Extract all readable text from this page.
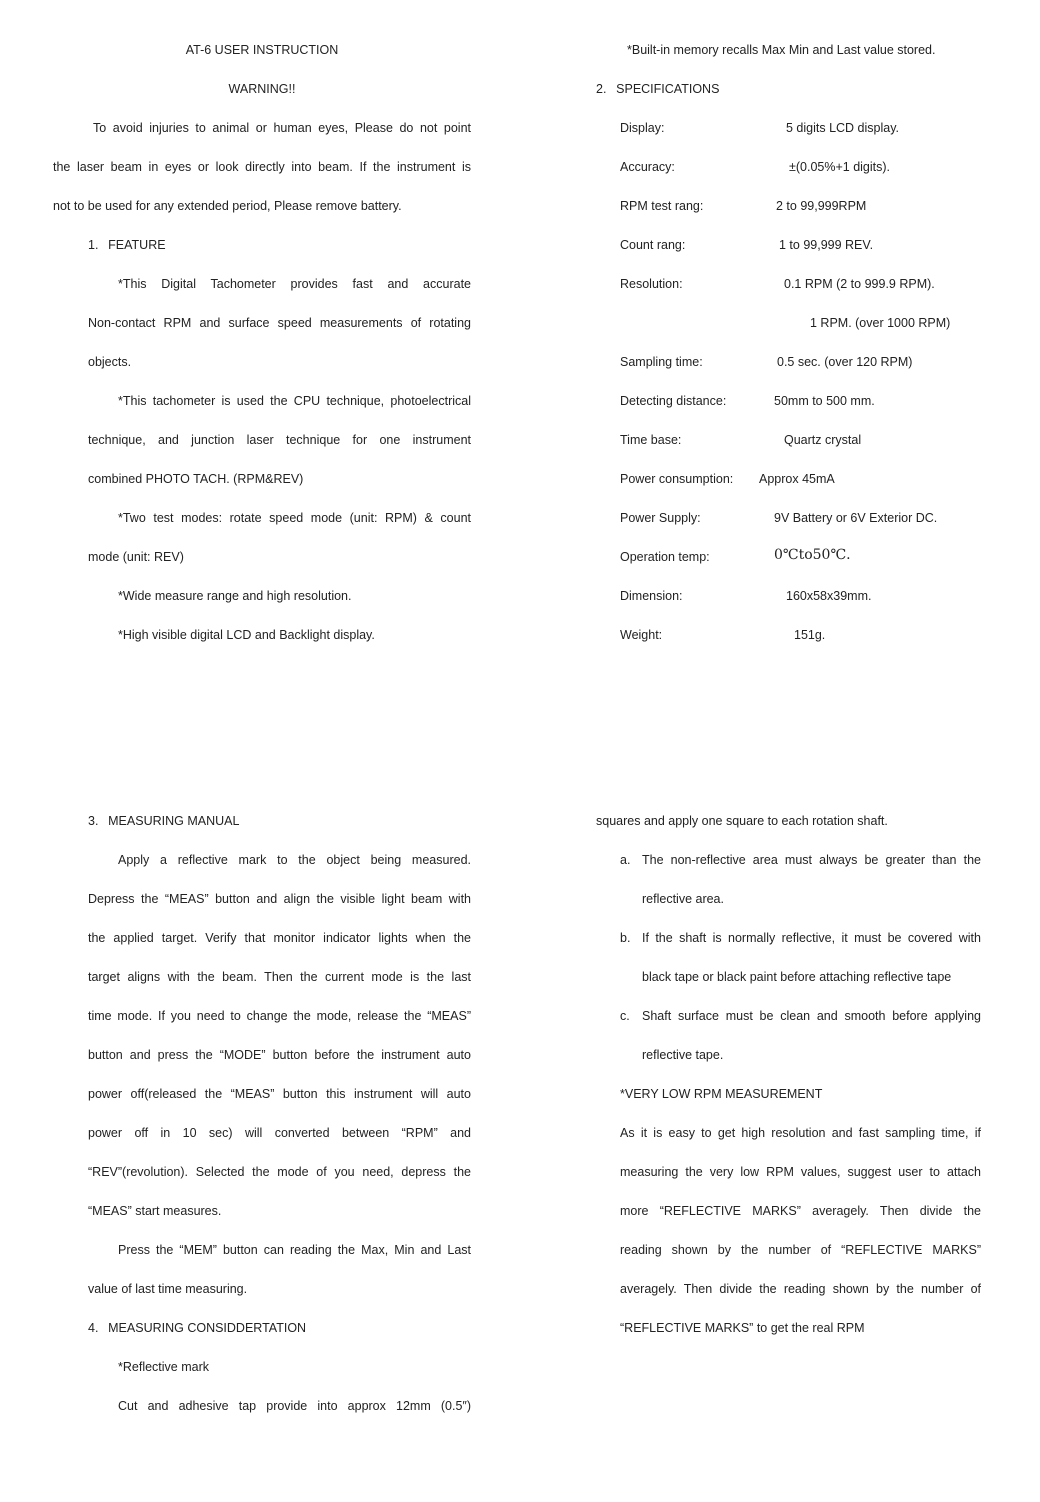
AT-6 USER INSTRUCTION
WARNING!!
To avoid injuries to animal or human eyes, Please do not point
the laser beam in eyes or look directly into beam. If the instrument is
not to be used for any extended period, Please remove battery.
1.  FEATURE
*This Digital Tachometer provides fast and accurate
Non-contact RPM and surface speed measurements of rotating
objects.
*This tachometer is used the CPU technique, photoelectrical
technique, and junction laser technique for one instrument
combined PHOTO TACH. (RPM&REV)
*Two test modes: rotate speed mode (unit: RPM) & count
mode (unit: REV)
*Wide measure range and high resolution.
*High visible digital LCD and Backlight display.
*Built-in memory recalls Max Min and Last value stored.
2.  SPECIFICATIONS
Display:	5 digits LCD display.
Accuracy:	±(0.05%+1 digits).
RPM test rang:	2 to 99,999RPM
Count rang:	1 to 99,999 REV.
Resolution:	0.1 RPM (2 to 999.9 RPM).
1 RPM. (over 1000 RPM)
Sampling time:	0.5 sec. (over 120 RPM)
Detecting distance:	50mm to 500 mm.
Time base:	Quartz crystal
Power consumption: Approx 45mA
Power Supply:	9V Battery or 6V Exterior DC.
Operation temp:	0℃to50℃.
Dimension:	160x58x39mm.
Weight:	151g.
3.  MEASURING MANUAL
Apply a reflective mark to the object being measured.
Depress the “MEAS” button and align the visible light beam with
the applied target. Verify that monitor indicator lights when the
target aligns with the beam. Then the current mode is the last
time mode. If you need to change the mode, release the “MEAS”
button and press the “MODE” button before the instrument auto
power off(released the “MEAS” button this instrument will auto
power off in 10 sec) will converted between “RPM” and
“REV”(revolution). Selected the mode of you need, depress the
“MEAS” start measures.
Press the “MEM” button can reading the Max, Min and Last
value of last time measuring.
4.  MEASURING CONSIDDERTATION
*Reflective mark
Cut and adhesive tap provide into approx 12mm (0.5″)
squares and apply one square to each rotation shaft.
a. The non-reflective area must always be greater than the
reflective area.
b. If the shaft is normally reflective, it must be covered with
black tape or black paint before attaching reflective tape
c. Shaft surface must be clean and smooth before applying
reflective tape.
*VERY LOW RPM MEASUREMENT
As it is easy to get high resolution and fast sampling time, if
measuring the very low RPM values, suggest user to attach
more “REFLECTIVE MARKS” averagely. Then divide the
reading shown by the number of “REFLECTIVE MARKS”
averagely. Then divide the reading shown by the number of
“REFLECTIVE MARKS” to get the real RPM
